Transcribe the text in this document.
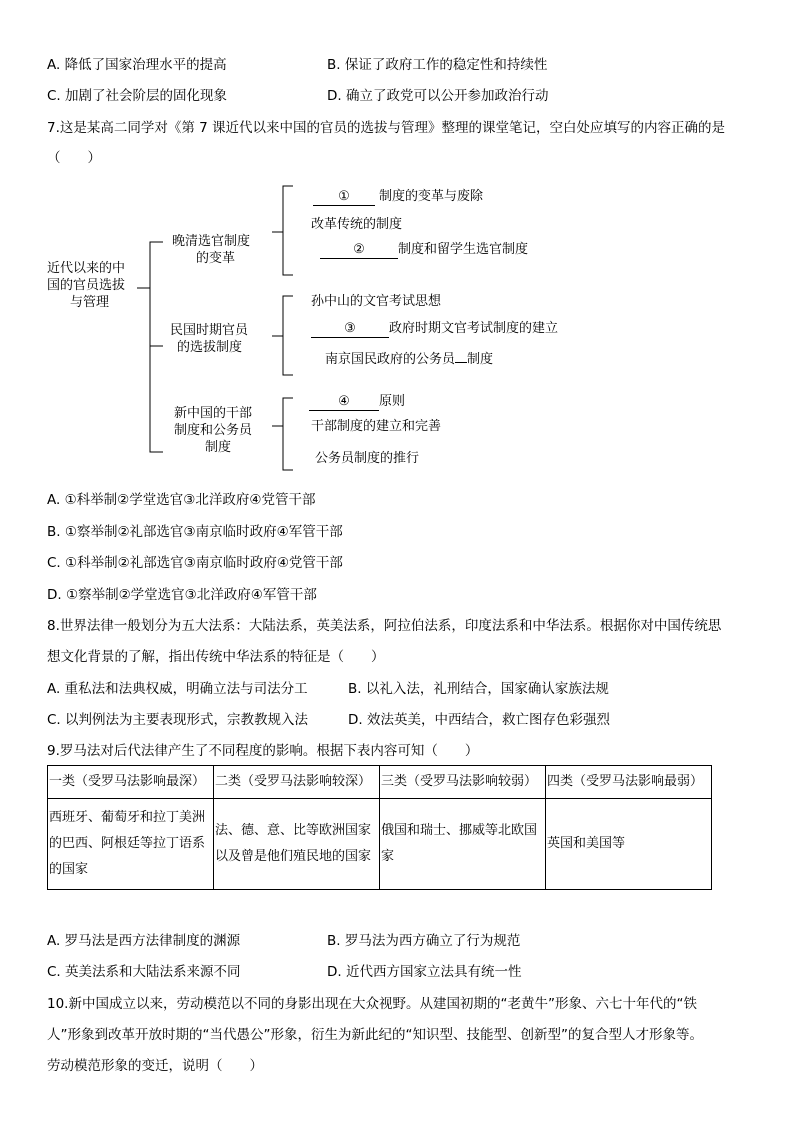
A. 降低了国家治理水平的提高	B. 保证了政府工作的稳定性和持续性
C. 加剧了社会阶层的固化现象	D. 确立了政党可以公开参加政治行动
7.这是某高二同学对《第 7 课近代以来中国的官员的选拔与管理》整理的课堂笔记，空白处应填写的内容正确的是
（　　）
近代以来的中
国的官员选拔
与管理
晚清选官制度
的变革
① 制度的变革与废除
改革传统的制度
②	制度和留学生选官制度
民国时期官员
的选拔制度
孙中山的文官考试思想
③	政府时期文官考试制度的建立
南京国民政府的公务员 制度
新中国的干部
制度和公务员
制度
④ 原则
干部制度的建立和完善
公务员制度的推行
A. ①科举制②学堂选官③北洋政府④党管干部
B. ①察举制②礼部选官③南京临时政府④军管干部
C. ①科举制②礼部选官③南京临时政府④党管干部
D. ①察举制②学堂选官③北洋政府④军管干部
8.世界法律一般划分为五大法系：大陆法系，英美法系，阿拉伯法系，印度法系和中华法系。根据你对中国传统思
想文化背景的了解，指出传统中华法系的特征是（　　）
A. 重私法和法典权威，明确立法与司法分工	B. 以礼入法，礼刑结合，国家确认家族法规
C. 以判例法为主要表现形式，宗教教规入法	D. 效法英美，中西结合，救亡图存色彩强烈
9.罗马法对后代法律产生了不同程度的影响。根据下表内容可知（　　）
一类（受罗马法影响最深）	二类（受罗马法影响较深）	三类（受罗马法影响较弱）	四类（受罗马法影响最弱）
西班牙、葡萄牙和拉丁美洲的巴西、阿根廷等拉丁语系的国家	法、德、意、比等欧洲国家以及曾是他们殖民地的国家	俄国和瑞士、挪威等北欧国家	英国和美国等
A. 罗马法是西方法律制度的渊源	B. 罗马法为西方确立了行为规范
C. 英美法系和大陆法系来源不同	D. 近代西方国家立法具有统一性
10.新中国成立以来，劳动模范以不同的身影出现在大众视野。从建国初期的“老黄牛”形象、六七十年代的“铁
人”形象到改革开放时期的“当代愚公”形象，衍生为新此纪的“知识型、技能型、创新型”的复合型人才形象等。
劳动模范形象的变迁，说明（　　）
